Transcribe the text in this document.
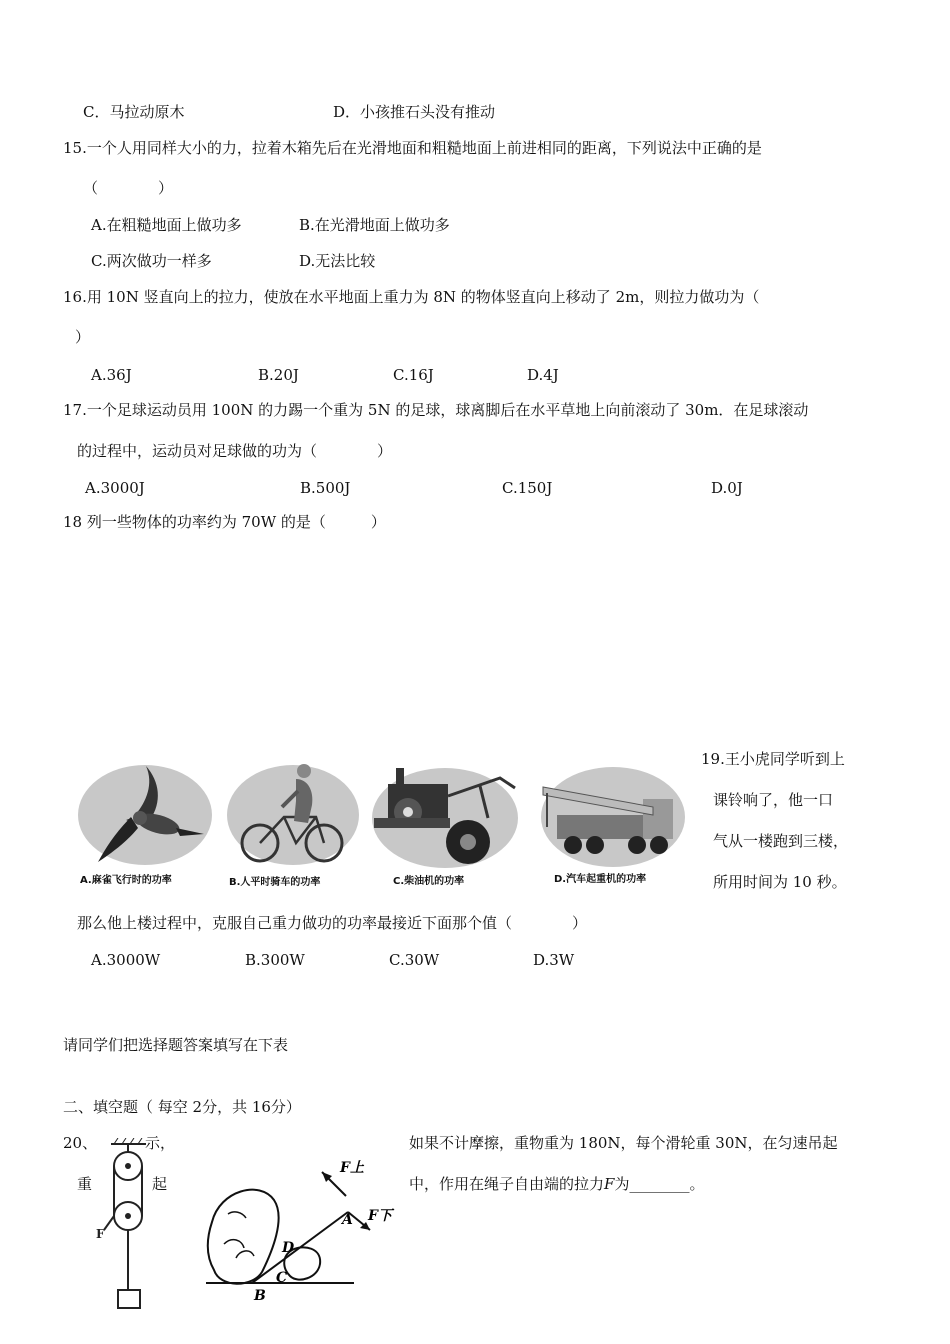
C．马拉动原木	D．小孩推石头没有推动
15.一个人用同样大小的力，拉着木箱先后在光滑地面和粗糙地面上前进相同的距离，下列说法中正确的是
（　　　　）
A.在粗糙地面上做功多	B.在光滑地面上做功多
C.两次做功一样多	D.无法比较
16.用 10N 竖直向上的拉力，使放在水平地面上重力为 8N 的物体竖直向上移动了 2m，则拉力做功为（
）
A.36J	B.20J	C.16J	D.4J
17.一个足球运动员用 100N 的力踢一个重为 5N 的足球，球离脚后在水平草地上向前滚动了 30m．在足球滚动
的过程中，运动员对足球做的功为（　　　　）
A.3000J	B.500J	C.150J	D.0J
18 列一些物体的功率约为 70W 的是（　　　）
A.麻雀飞行时的功率	B.人平时骑车的功率	C.柴油机的功率	D.汽车起重机的功率
19.王小虎同学听到上
课铃响了，他一口
气从一楼跑到三楼，
所用时间为 10 秒。
那么他上楼过程中，克服自己重力做功的功率最接近下面那个值（　　　　）
A.3000W	B.300W	C.30W	D.3W
请同学们把选择题答案填写在下表
二、填空题（ 每空 2分，共 16分）
20、	示，
重	起
如果不计摩擦，重物重为 180N，每个滑轮重 30N，在匀速吊起
中，作用在绳子自由端的拉力F为________。
F
F上
F下
A
B
C
D
